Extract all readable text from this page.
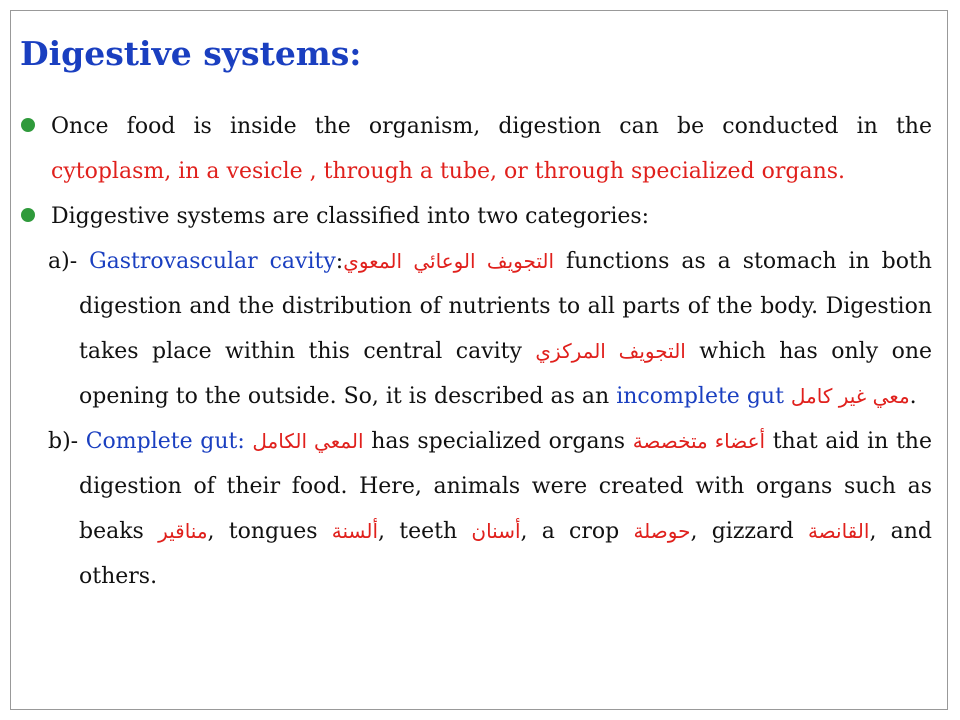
Digestive systems:

Once food is inside the organism, digestion can be conducted in the cytoplasm, in a vesicle , through a tube, or through specialized organs.

Diggestive systems are classified into two categories:

a)- Gastrovascular cavity:التجويف الوعائي المعوي functions as a stomach in both digestion and the distribution of nutrients to all parts of the body. Digestion takes place within this central cavity التجويف المركزي which has only one opening to the outside. So, it is described as an incomplete gut معي غير كامل.

b)- Complete gut: المعي الكامل has specialized organs أعضاء متخصصة that aid in the digestion of their food. Here, animals were created with organs such as beaks مناقير, tongues ألسنة, teeth أسنان, a crop حوصلة, gizzard القانصة, and others.
